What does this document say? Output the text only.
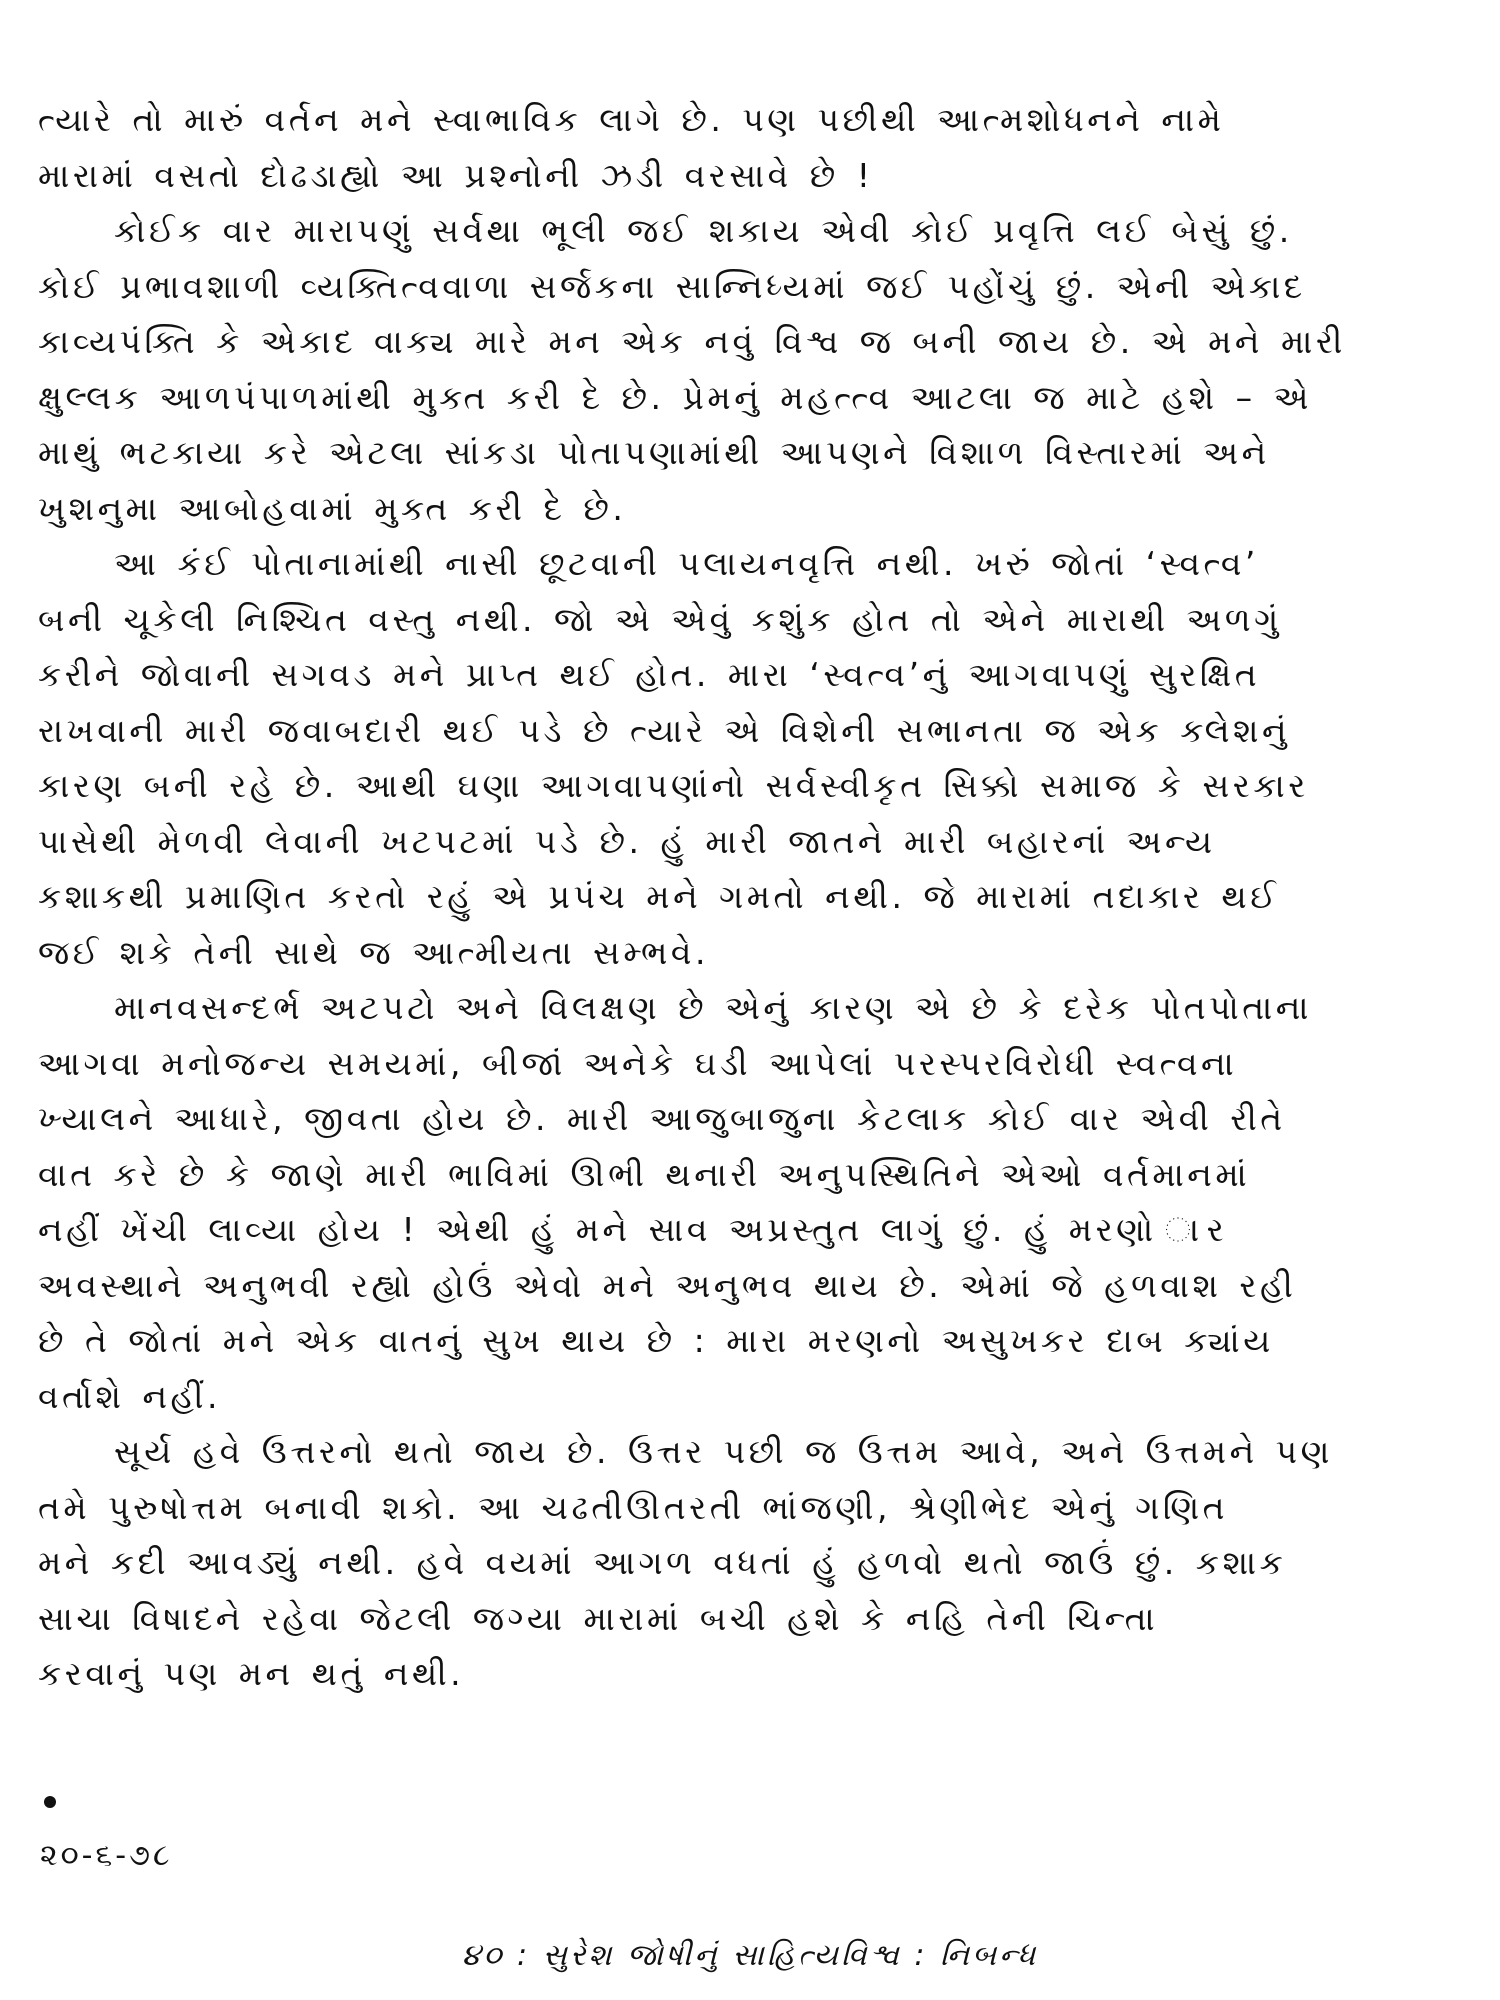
ત્યારે તો મારું વર્તન મને સ્વાભાવિક લાગે છે. પણ પછીથી આત્મશોધનને નામે
મારામાં વસતો દોઢડાહ્યો આ પ્રશ્નોની ઝડી વરસાવે છે !
કોઈક વાર મારાપણું સર્વથા ભૂલી જઈ શકાય એવી કોઈ પ્રવૃત્તિ લઈ બેસું છું.
કોઈ પ્રભાવશાળી વ્યક્તિત્વવાળા સર્જકના સાન્નિધ્યમાં જઈ પહોંચું છું. એની એકાદ
કાવ્યપંક્તિ કે એકાદ વાક્ય મારે મન એક નવું વિશ્વ જ બની જાય છે. એ મને મારી
ક્ષુલ્લક આળપંપાળમાંથી મુક્ત કરી દે છે. પ્રેમનું મહત્ત્વ આટલા જ માટે હશે – એ
માથું ભટકાયા કરે એટલા સાંકડા પોતાપણામાંથી આપણને વિશાળ વિસ્તારમાં અને
ખુશનુમા આબોહવામાં મુક્ત કરી દે છે.
આ કંઈ પોતાનામાંથી નાસી છૂટવાની પલાયનવૃત્તિ નથી. ખરું જોતાં ‘સ્વત્વ’
બની ચૂકેલી નિશ્ચિત વસ્તુ નથી. જો એ એવું કશુંક હોત તો એને મારાથી અળગું
કરીને જોવાની સગવડ મને પ્રાપ્ત થઈ હોત. મારા ‘સ્વત્વ’નું આગવાપણું સુરક્ષિત
રાખવાની મારી જવાબદારી થઈ પડે છે ત્યારે એ વિશેની સભાનતા જ એક ક્લેશનું
કારણ બની રહે છે. આથી ઘણા આગવાપણાંનો સર્વસ્વીકૃત સિક્કો સમાજ કે સરકાર
પાસેથી મેળવી લેવાની ખટપટમાં પડે છે. હું મારી જાતને મારી બહારનાં અન્ય
કશાકથી પ્રમાણિત કરતો રહું એ પ્રપંચ મને ગમતો નથી. જે મારામાં તદાકાર થઈ
જઈ શકે તેની સાથે જ આત્મીયતા સમ્ભવે.
માનવસન્દર્ભ અટપટો અને વિલક્ષણ છે એનું કારણ એ છે કે દરેક પોતપોતાના
આગવા મનોજન્ય સમયમાં, બીજાં અનેકે ઘડી આપેલાં પરસ્પરવિરોધી સ્વત્વના
ખ્યાલને આધારે, જીવતા હોય છે. મારી આજુબાજુના કેટલાક કોઈ વાર એવી રીતે
વાત કરે છે કે જાણે મારી ભાવિમાં ઊભી થનારી અનુપસ્થિતિને એઓ વર્તમાનમાં
નહીં ખેંચી લાવ્યા હોય ! એથી હું મને સાવ અપ્રસ્તુત લાગું છું. હું મરણો ાર
અવસ્થાને અનુભવી રહ્યો હોઉં એવો મને અનુભવ થાય છે. એમાં જે હળવાશ રહી
છે તે જોતાં મને એક વાતનું સુખ થાય છે : મારા મરણનો અસુખકર દાબ ક્યાંય
વર્તાશે નહીં.
સૂર્ય હવે ઉત્તરનો થતો જાય છે. ઉત્તર પછી જ ઉત્તમ આવે, અને ઉત્તમને પણ
તમે પુરુષોત્તમ બનાવી શકો. આ ચઢતીઊતરતી ભાંજણી, શ્રેણીભેદ એનું ગણિત
મને કદી આવડ્યું નથી. હવે વયમાં આગળ વધતાં હું હળવો થતો જાઉં છું. કશાક
સાચા વિષાદને રહેવા જેટલી જગ્યા મારામાં બચી હશે કે નહિ તેની ચિન્તા
કરવાનું પણ મન થતું નથી.
૨૦-૬-૭૮
૪૦ : સુરેશ જોષીનું સાહિત્યવિશ્વ : નિબન્ધ
